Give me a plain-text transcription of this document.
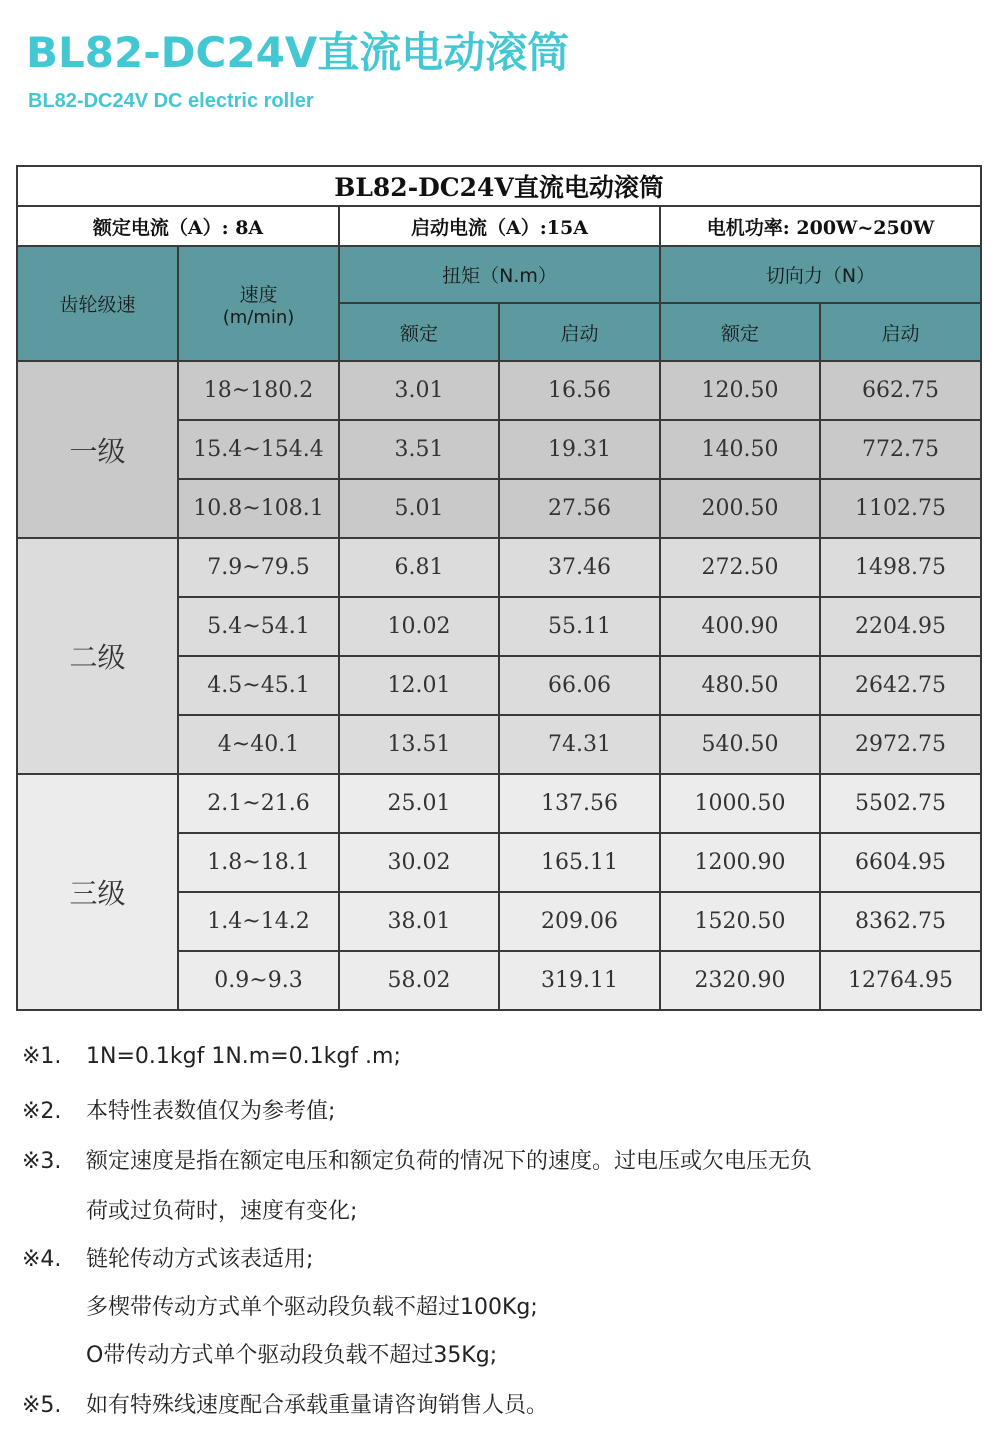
BL82-DC24V直流电动滚筒
BL82-DC24V DC electric roller
BL82-DC24V直流电动滚筒					
额定电流（A）: 8A		启动电流（A）:15A		电机功率: 200W~250W	
齿轮级速	速度
(m/min)	扭矩（N.m）		切向力（N）	
		额定	启动	额定	启动
一级	18~180.2	3.01	16.56	120.50	662.75
	15.4~154.4	3.51	19.31	140.50	772.75
	10.8~108.1	5.01	27.56	200.50	1102.75
二级	7.9~79.5	6.81	37.46	272.50	1498.75
	5.4~54.1	10.02	55.11	400.90	2204.95
	4.5~45.1	12.01	66.06	480.50	2642.75
	4~40.1	13.51	74.31	540.50	2972.75
三级	2.1~21.6	25.01	137.56	1000.50	5502.75
	1.8~18.1	30.02	165.11	1200.90	6604.95
	1.4~14.2	38.01	209.06	1520.50	8362.75
	0.9~9.3	58.02	319.11	2320.90	12764.95
※1. 1N=0.1kgf 1N.m=0.1kgf .m;
※2. 本特性表数值仅为参考值;
※3. 额定速度是指在额定电压和额定负荷的情况下的速度。过电压或欠电压无负
荷或过负荷时，速度有变化;
※4. 链轮传动方式该表适用;
多楔带传动方式单个驱动段负载不超过100Kg;
O带传动方式单个驱动段负载不超过35Kg;
※5. 如有特殊线速度配合承载重量请咨询销售人员。
